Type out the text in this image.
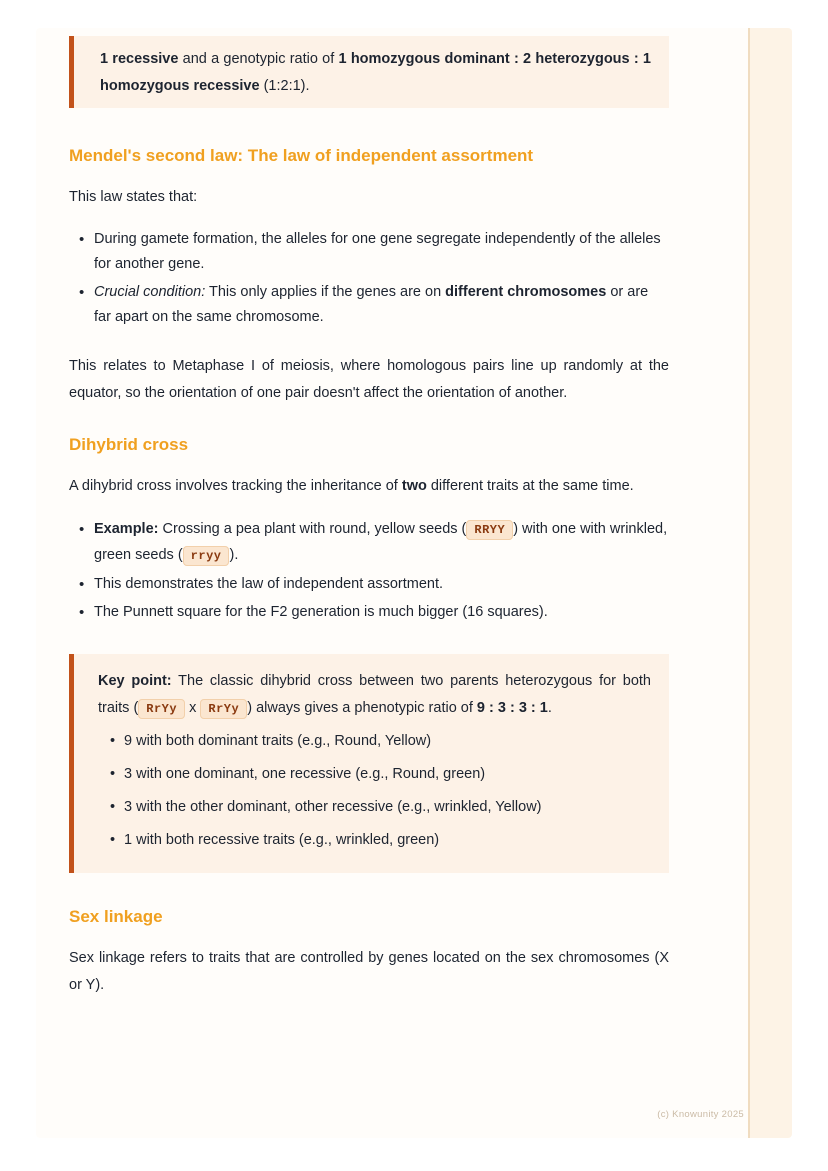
1 recessive and a genotypic ratio of 1 homozygous dominant : 2 heterozygous : 1 homozygous recessive (1:2:1).

Mendel's second law: The law of independent assortment

This law states that:

• During gamete formation, the alleles for one gene segregate independently of the alleles for another gene.
• Crucial condition: This only applies if the genes are on different chromosomes or are far apart on the same chromosome.

This relates to Metaphase I of meiosis, where homologous pairs line up randomly at the equator, so the orientation of one pair doesn't affect the orientation of another.

Dihybrid cross

A dihybrid cross involves tracking the inheritance of two different traits at the same time.

• Example: Crossing a pea plant with round, yellow seeds ( RRYY ) with one with wrinkled, green seeds ( rryy ).
• This demonstrates the law of independent assortment.
• The Punnett square for the F2 generation is much bigger (16 squares).

Key point: The classic dihybrid cross between two parents heterozygous for both traits ( RrYy x RrYy ) always gives a phenotypic ratio of 9 : 3 : 3 : 1.

• 9 with both dominant traits (e.g., Round, Yellow)
• 3 with one dominant, one recessive (e.g., Round, green)
• 3 with the other dominant, other recessive (e.g., wrinkled, Yellow)
• 1 with both recessive traits (e.g., wrinkled, green)
Sex linkage

Sex linkage refers to traits that are controlled by genes located on the sex chromosomes (X or Y).

(c) Knowunity 2025
